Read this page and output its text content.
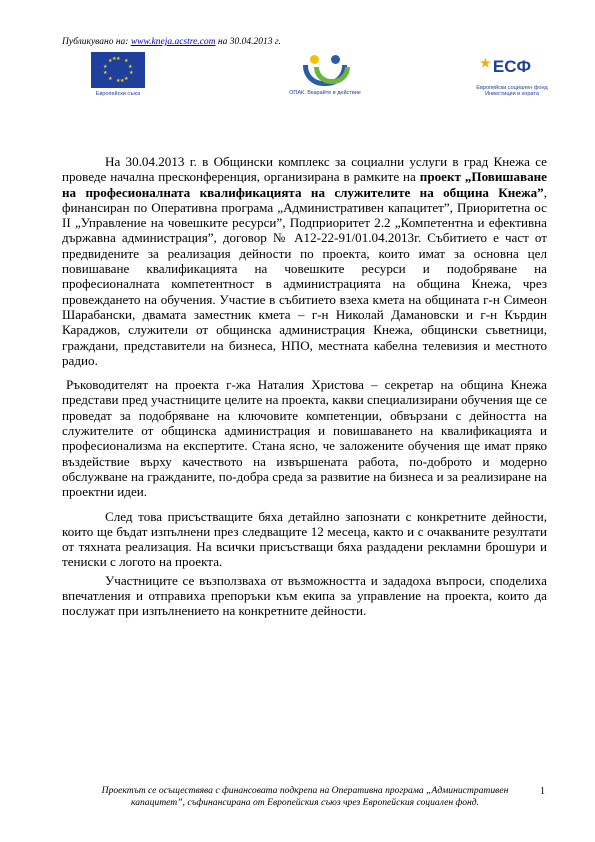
Публикувано на: www.kneja.acstre.com на 30.04.2013 г.
★ ★
★
★
★
★
★
★
★
★ ★
★
Европейски съюз	ОПАК. Вкарайте в действие
★ ЕСФ
Европейски социален фонд
Инвестиции в хората

На 30.04.2013 г. в Общински комплекс за социални услуги в град Кнежа се проведе начална пресконференция, организирана в рамките на проект „Повишаване на професионалната квалификацията на служителите на община Кнежа”, финансиран по Оперативна програма „Административен капацитет”, Приоритетна ос II „Управление на човешките ресурси”, Подприоритет 2.2 „Компетентна и ефективна държавна администрация”, договор № А12-22-91/01.04.2013г. Събитието е част от предвидените за реализация дейности по проекта, които имат за основна цел повишаване квалификацията на човешките ресурси и подобряване на професионалната компетентност в администрацията на община Кнежа, чрез провеждането на обучения. Участие в събитието взеха кмета на общината г-н Симеон Шарабански, двамата заместник кмета – г-н Николай Дамановски и г-н Кърдин Караджов, служители от общинска администрация Кнежа, общински съветници, граждани, представители на бизнеса, НПО, местната кабелна телевизия и местното радио.

Ръководителят на проекта г-жа Наталия Христова – секретар на община Кнежа представи пред участниците целите на проекта, какви специализирани обучения ще се проведат за подобряване на ключовите компетенции, обвързани с дейността на служителите от общинска администрация и повишаването на квалификацията и професионализма на експертите. Стана ясно, че заложените обучения ще имат пряко въздействие върху качеството на извършената работа, по-доброто и модерно обслужване на гражданите, по-добра среда за развитие на бизнеса и за реализиране на проектни идеи.

След това присъстващите бяха детайлно запознати с конкретните дейности, които ще бъдат изпълнени през следващите 12 месеца, както и с очакваните резултати от тяхната реализация. На всички присъстващи бяха раздадени рекламни брошури и тениски с логото на проекта.

Участниците се възползваха от възможността и зададоха въпроси, споделиха впечатления и отправиха препоръки към екипа за управление на проекта, които да послужат при изпълнението на конкретните дейности.

Проектът се осъществява с финансовата подкрепа на Оперативна програма „Административен
капацитет”, съфинансирана от Европейския съюз чрез Европейския социален фонд.
1
